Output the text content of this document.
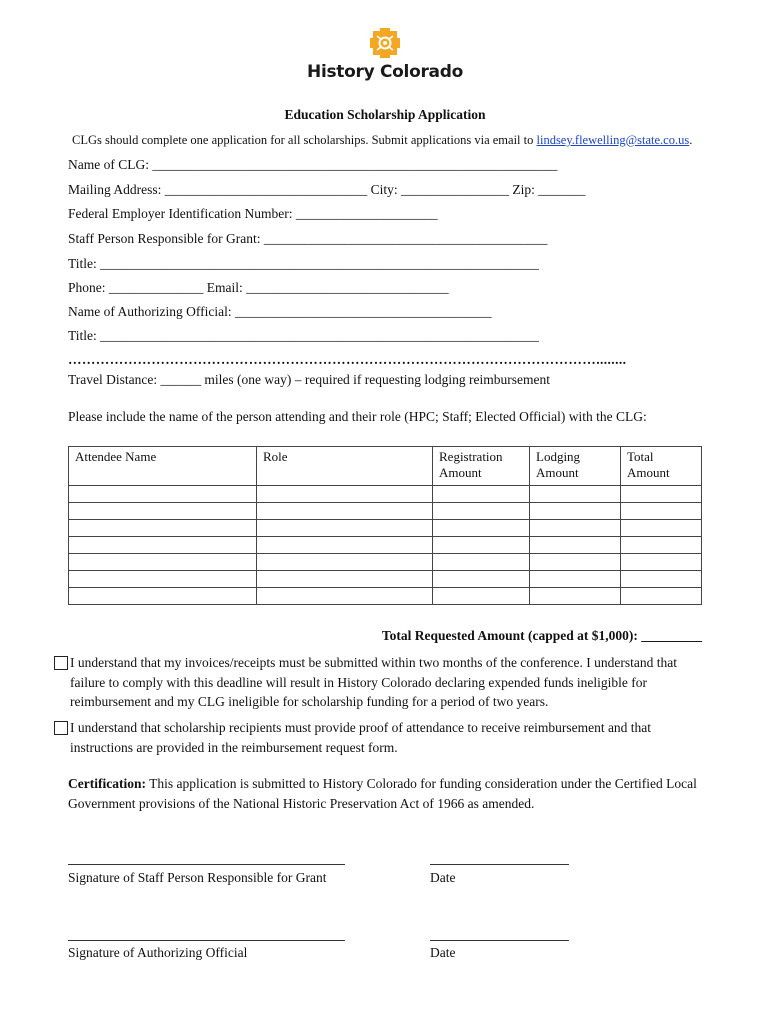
History Colorado
Education Scholarship Application
CLGs should complete one application for all scholarships. Submit applications via email to lindsey.flewelling@state.co.us.
Name of CLG: ____________________________________________________________
Mailing Address: ______________________________ City: ________________ Zip: _______
Federal Employer Identification Number: _____________________
Staff Person Responsible for Grant: __________________________________________
Title: _________________________________________________________________
Phone: ______________ Email: ______________________________
Name of Authorizing Official: ______________________________________
Title: _________________________________________________________________
……………………………………………………………………………………………………........
Travel Distance: ______ miles (one way) – required if requesting lodging reimbursement
Please include the name of the person attending and their role (HPC; Staff; Elected Official) with the CLG:
Attendee Name	Role	Registration Amount	Lodging Amount	Total Amount

Total Requested Amount (capped at $1,000): _________
I understand that my invoices/receipts must be submitted within two months of the conference. I understand that failure to comply with this deadline will result in History Colorado declaring expended funds ineligible for reimbursement and my CLG ineligible for scholarship funding for a period of two years.
I understand that scholarship recipients must provide proof of attendance to receive reimbursement and that instructions are provided in the reimbursement request form.
Certification: This application is submitted to History Colorado for funding consideration under the Certified Local Government provisions of the National Historic Preservation Act of 1966 as amended.
Signature of Staff Person Responsible for Grant	Date
Signature of Authorizing Official	Date
